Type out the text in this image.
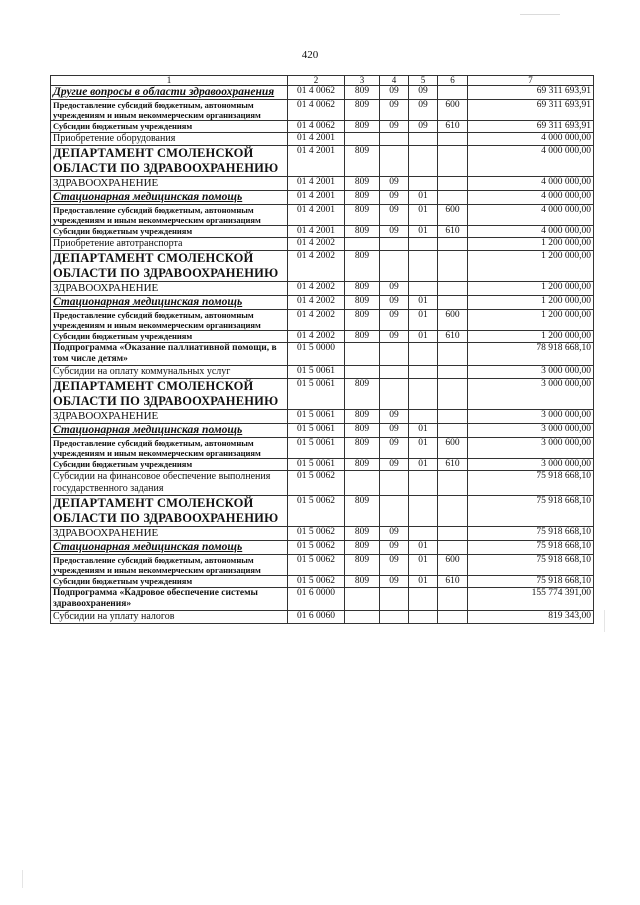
420
1	2	3	4	5	6	7
Другие вопросы в области здравоохранения	01 4 0062	809	09	09		69 311 693,91
Предоставление субсидий бюджетным, автономным учреждениям и иным некоммерческим организациям	01 4 0062	809	09	09	600	69 311 693,91
Субсидии бюджетным учреждениям	01 4 0062	809	09	09	610	69 311 693,91
Приобретение оборудования	01 4 2001					4 000 000,00
ДЕПАРТАМЕНТ СМОЛЕНСКОЙ ОБЛАСТИ ПО ЗДРАВООХРАНЕНИЮ	01 4 2001	809				4 000 000,00
ЗДРАВООХРАНЕНИЕ	01 4 2001	809	09			4 000 000,00
Стационарная медицинская помощь	01 4 2001	809	09	01		4 000 000,00
Предоставление субсидий бюджетным, автономным учреждениям и иным некоммерческим организациям	01 4 2001	809	09	01	600	4 000 000,00
Субсидии бюджетным учреждениям	01 4 2001	809	09	01	610	4 000 000,00
Приобретение автотранспорта	01 4 2002					1 200 000,00
ДЕПАРТАМЕНТ СМОЛЕНСКОЙ ОБЛАСТИ ПО ЗДРАВООХРАНЕНИЮ	01 4 2002	809				1 200 000,00
ЗДРАВООХРАНЕНИЕ	01 4 2002	809	09			1 200 000,00
Стационарная медицинская помощь	01 4 2002	809	09	01		1 200 000,00
Предоставление субсидий бюджетным, автономным учреждениям и иным некоммерческим организациям	01 4 2002	809	09	01	600	1 200 000,00
Субсидии бюджетным учреждениям	01 4 2002	809	09	01	610	1 200 000,00
Подпрограмма «Оказание паллиативной помощи, в том числе детям»	01 5 0000					78 918 668,10
Субсидии на оплату коммунальных услуг	01 5 0061					3 000 000,00
ДЕПАРТАМЕНТ СМОЛЕНСКОЙ ОБЛАСТИ ПО ЗДРАВООХРАНЕНИЮ	01 5 0061	809				3 000 000,00
ЗДРАВООХРАНЕНИЕ	01 5 0061	809	09			3 000 000,00
Стационарная медицинская помощь	01 5 0061	809	09	01		3 000 000,00
Предоставление субсидий бюджетным, автономным учреждениям и иным некоммерческим организациям	01 5 0061	809	09	01	600	3 000 000,00
Субсидии бюджетным учреждениям	01 5 0061	809	09	01	610	3 000 000,00
Субсидии на финансовое обеспечение выполнения государственного задания	01 5 0062					75 918 668,10
ДЕПАРТАМЕНТ СМОЛЕНСКОЙ ОБЛАСТИ ПО ЗДРАВООХРАНЕНИЮ	01 5 0062	809				75 918 668,10
ЗДРАВООХРАНЕНИЕ	01 5 0062	809	09			75 918 668,10
Стационарная медицинская помощь	01 5 0062	809	09	01		75 918 668,10
Предоставление субсидий бюджетным, автономным учреждениям и иным некоммерческим организациям	01 5 0062	809	09	01	600	75 918 668,10
Субсидии бюджетным учреждениям	01 5 0062	809	09	01	610	75 918 668,10
Подпрограмма «Кадровое обеспечение системы здравоохранения»	01 6 0000					155 774 391,00
Субсидии на уплату налогов	01 6 0060					819 343,00
